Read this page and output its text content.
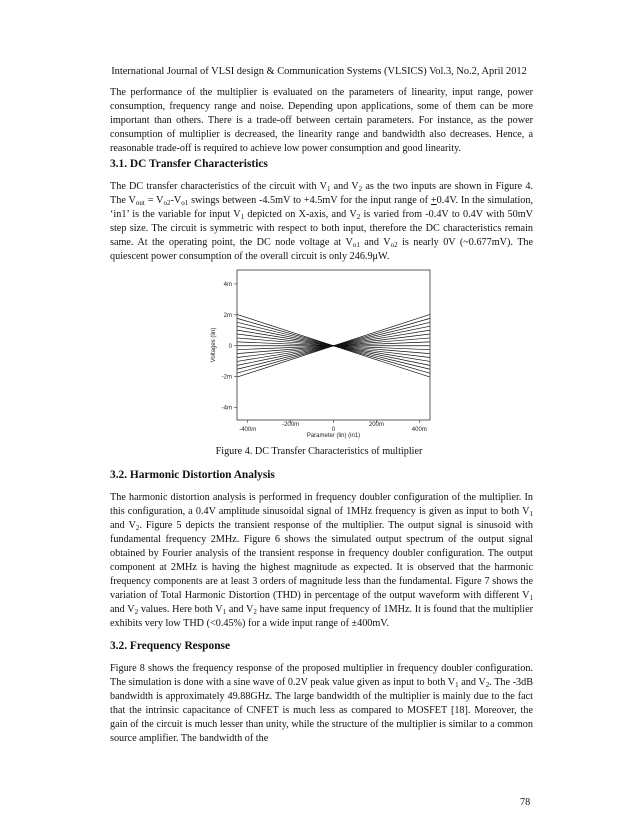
International Journal of VLSI design & Communication Systems (VLSICS) Vol.3, No.2, April 2012

The performance of the multiplier is evaluated on the parameters of linearity, input range, power consumption, frequency range and noise. Depending upon applications, some of them can be more important than others. There is a trade-off between certain parameters. For instance, as the power consumption of multiplier is decreased, the linearity range and bandwidth also decreases. Hence, a reasonable trade-off is required to achieve low power consumption and good linearity.

3.1. DC Transfer Characteristics

The DC transfer characteristics of the circuit with $V_1$ and $V_2$ as the two inputs are shown in Figure 4. The $V_{out} = V_{o2}-V_{o1}$ swings between -4.5mV to +4.5mV for the input range of +0.4V. In the simulation, ‘in1’ is the variable for input $V_1$ depicted on X-axis, and $V_2$ is varied from -0.4V to 0.4V with 50mV step size. The circuit is symmetric with respect to both input, therefore the DC characteristics remain same. At the operating point, the DC node voltage at $V_{o1}$ and $V_{o2}$ is nearly 0V (~0.677mV). The quiescent power consumption of the overall circuit is only 246.9μW.

-4m
-2m
0
2m
4m
-400m
-200m
0
200m
400m
Voltages (lin)
Parameter (lin) (in1)
Figure 4. DC Transfer Characteristics of multiplier
3.2. Harmonic Distortion Analysis

The harmonic distortion analysis is performed in frequency doubler configuration of the multiplier. In this configuration, a 0.4V amplitude sinusoidal signal of 1MHz frequency is given as input to both $V_1$ and $V_2$. Figure 5 depicts the transient response of the multiplier. The output signal is sinusoid with fundamental frequency 2MHz. Figure 6 shows the simulated output spectrum of the output signal obtained by Fourier analysis of the transient response in frequency doubler configuration. The output component at 2MHz is having the highest magnitude as expected. It is observed that the harmonic frequency components are at least 3 orders of magnitude less than the fundamental. Figure 7 shows the variation of Total Harmonic Distortion (THD) in percentage of the output waveform with different $V_1$ and $V_2$ values. Here both $V_1$ and $V_2$ have same input frequency of 1MHz. It is found that the multiplier exhibits very low THD (<0.45%) for a wide input range of ±400mV.

3.2. Frequency Response

Figure 8 shows the frequency response of the proposed multiplier in frequency doubler configuration. The simulation is done with a sine wave of 0.2V peak value given as input to both $V_1$ and $V_2$. The -3dB bandwidth is approximately 49.88GHz. The large bandwidth of the multiplier is mainly due to the fact that the intrinsic capacitance of CNFET is much less as compared to MOSFET [18]. Moreover, the gain of the circuit is much lesser than unity, while the structure of the multiplier is similar to a common source amplifier. The bandwidth of the

78
